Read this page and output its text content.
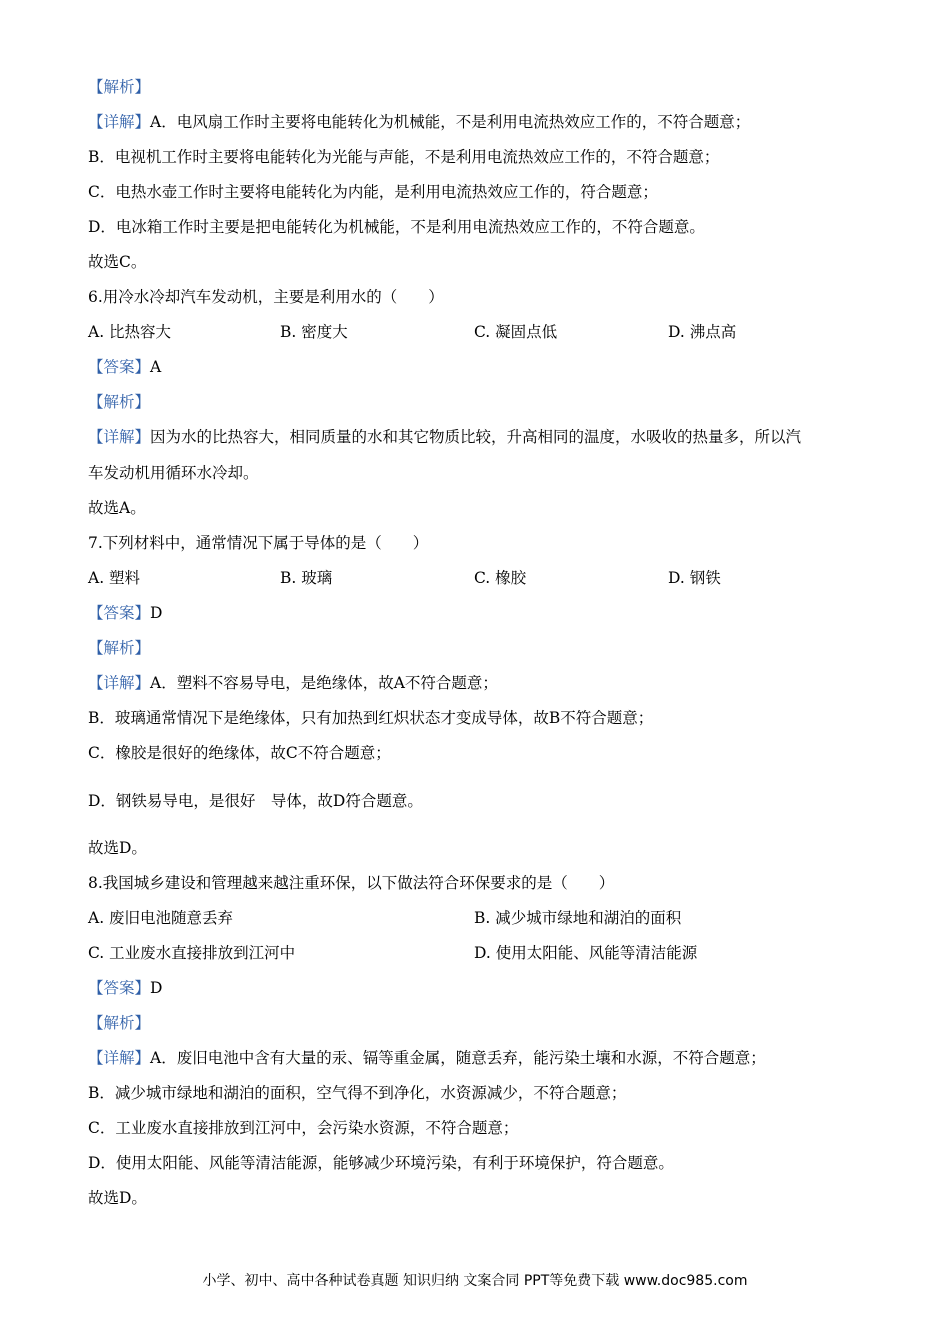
【解析】
【详解】A．电风扇工作时主要将电能转化为机械能，不是利用电流热效应工作的，不符合题意；
B．电视机工作时主要将电能转化为光能与声能，不是利用电流热效应工作的，不符合题意；
C．电热水壶工作时主要将电能转化为内能，是利用电流热效应工作的，符合题意；
D．电冰箱工作时主要是把电能转化为机械能，不是利用电流热效应工作的，不符合题意。
故选C。
6.用冷水冷却汽车发动机，主要是利用水的（　　）
A. 比热容大	B. 密度大	C. 凝固点低	D. 沸点高
【答案】A
【解析】
【详解】因为水的比热容大，相同质量的水和其它物质比较，升高相同的温度，水吸收的热量多，所以汽
车发动机用循环水冷却。
故选A。
7.下列材料中，通常情况下属于导体的是（　　）
A. 塑料	B. 玻璃	C. 橡胶	D. 钢铁
【答案】D
【解析】
【详解】A．塑料不容易导电，是绝缘体，故A不符合题意；
B．玻璃通常情况下是绝缘体，只有加热到红炽状态才变成导体，故B不符合题意；
C．橡胶是很好的绝缘体，故C不符合题意；
D．钢铁易导电，是很好　导体，故D符合题意。
故选D。
8.我国城乡建设和管理越来越注重环保，以下做法符合环保要求的是（　　）
A. 废旧电池随意丢弃	B. 减少城市绿地和湖泊的面积
C. 工业废水直接排放到江河中	D. 使用太阳能、风能等清洁能源
【答案】D
【解析】
【详解】A．废旧电池中含有大量的汞、镉等重金属，随意丢弃，能污染土壤和水源，不符合题意；
B．减少城市绿地和湖泊的面积，空气得不到净化，水资源减少，不符合题意；
C．工业废水直接排放到江河中，会污染水资源，不符合题意；
D．使用太阳能、风能等清洁能源，能够减少环境污染，有利于环境保护，符合题意。
故选D。
小学、初中、高中各种试卷真题 知识归纳 文案合同 PPT等免费下载 www.doc985.com
